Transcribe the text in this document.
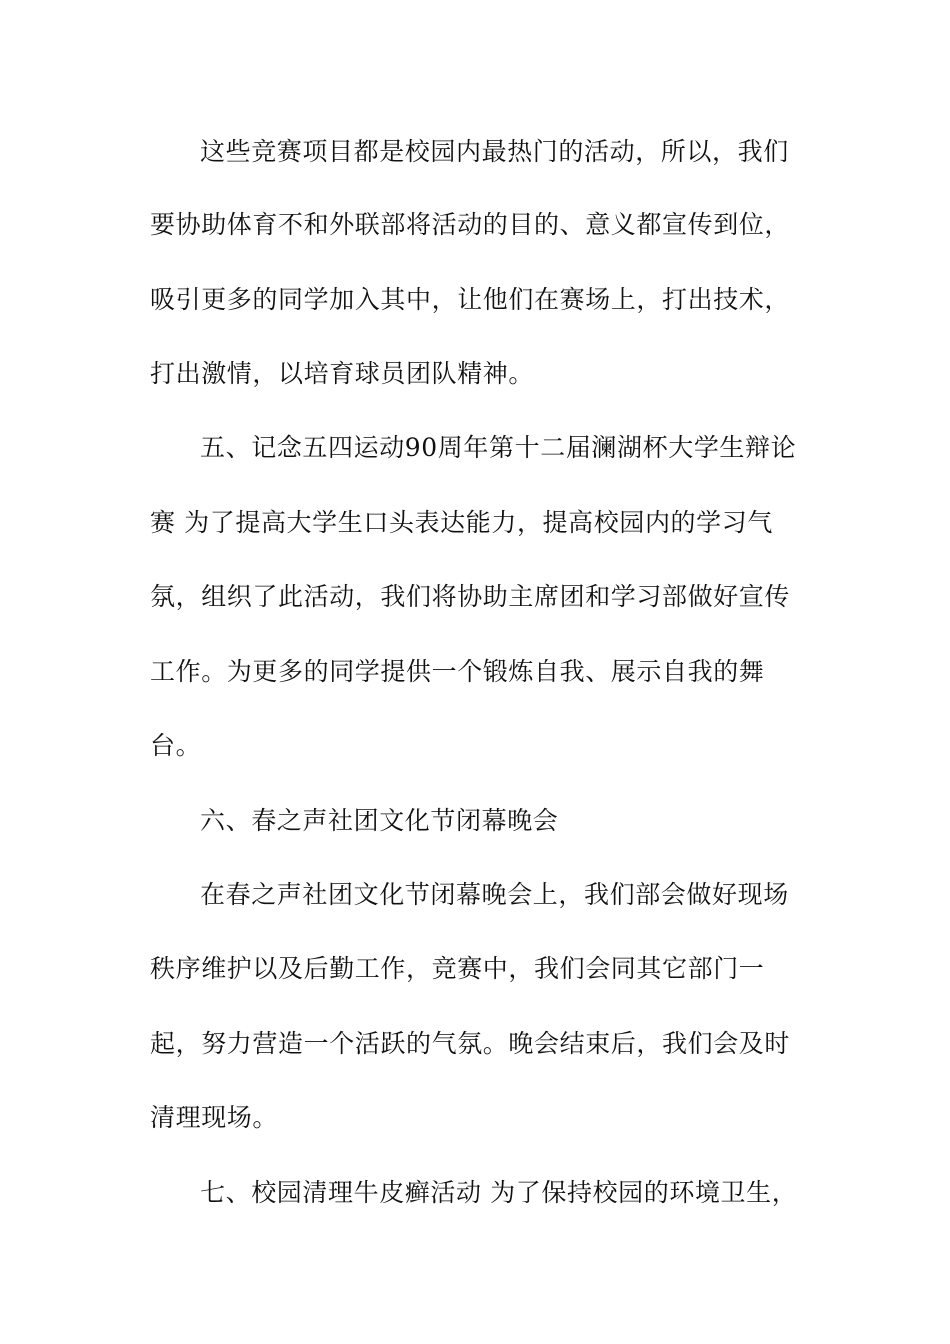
这些竞赛项目都是校园内最热门的活动，所以，我们
要协助体育不和外联部将活动的目的、意义都宣传到位，
吸引更多的同学加入其中，让他们在赛场上，打出技术，
打出激情，以培育球员团队精神。
五、记念五四运动90周年第十二届澜湖杯大学生辩论
赛 为了提高大学生口头表达能力，提高校园内的学习气
氛，组织了此活动，我们将协助主席团和学习部做好宣传
工作。为更多的同学提供一个锻炼自我、展示自我的舞
台。
六、春之声社团文化节闭幕晚会
在春之声社团文化节闭幕晚会上，我们部会做好现场
秩序维护以及后勤工作，竞赛中，我们会同其它部门一
起，努力营造一个活跃的气氛。晚会结束后，我们会及时
清理现场。
七、校园清理牛皮癣活动 为了保持校园的环境卫生，
